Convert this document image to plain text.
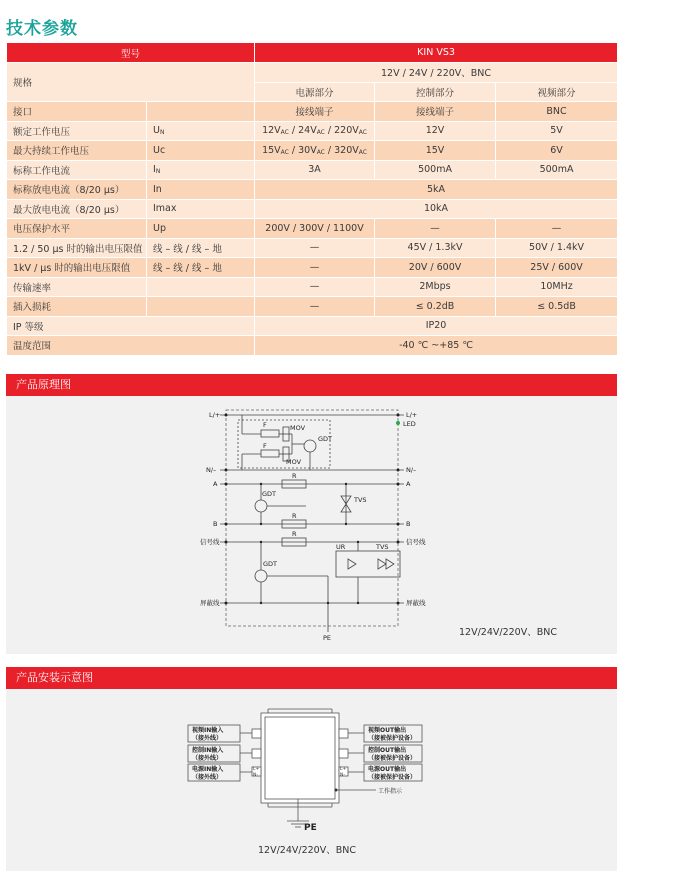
技术参数
型号		KIN VS3		
规格		12V / 24V / 220V、BNC		
		电源部分	控制部分	视频部分
接口		接线端子	接线端子	BNC
额定工作电压	$U_N$	$12V_{AC} / 24V_{AC} / 220V_{AC}$	12V	5V
最大持续工作电压	Uc	$15V_{AC} / 30V_{AC} / 320V_{AC}$	15V	6V
标称工作电流	$I_N$	3A	500mA	500mA
标称放电电流（8/20 μs）	In	5kA		
最大放电电流（8/20 μs）	Imax	10kA		
电压保护水平	Up	200V / 300V / 1100V	—	—
1.2 / 50 μs 时的输出电压限值	线 – 线 / 线 – 地	—	45V / 1.3kV	50V / 1.4kV
1kV / μs 时的输出电压限值	线 – 线 / 线 – 地	—	20V / 600V	25V / 600V
传输速率		—	2Mbps	10MHz
插入损耗		—	≤ 0.2dB	≤ 0.5dB
IP 等级		IP20		
温度范围		-40 ℃ ~+85 ℃		
产品原理图
L/+	L/+
LED
F
F
MOV
MOV
GDT
N/–	N/–
A	A
R
GDT
TVS
B	B
R
信号线	信号线
R
GDT
UR	TVS
屏蔽线	屏蔽线
PE	12V/24V/220V、BNC
产品安装示意图
视频IN输入
（接外线）
控制IN输入
（接外线）
电源IN输入
（接外线）
视频OUT输出
（接被保护设备）
控制OUT输出
（接被保护设备）
电源OUT输出
（接被保护设备）
L+
N-
L+
N-
工作指示
PE
12V/24V/220V、BNC
